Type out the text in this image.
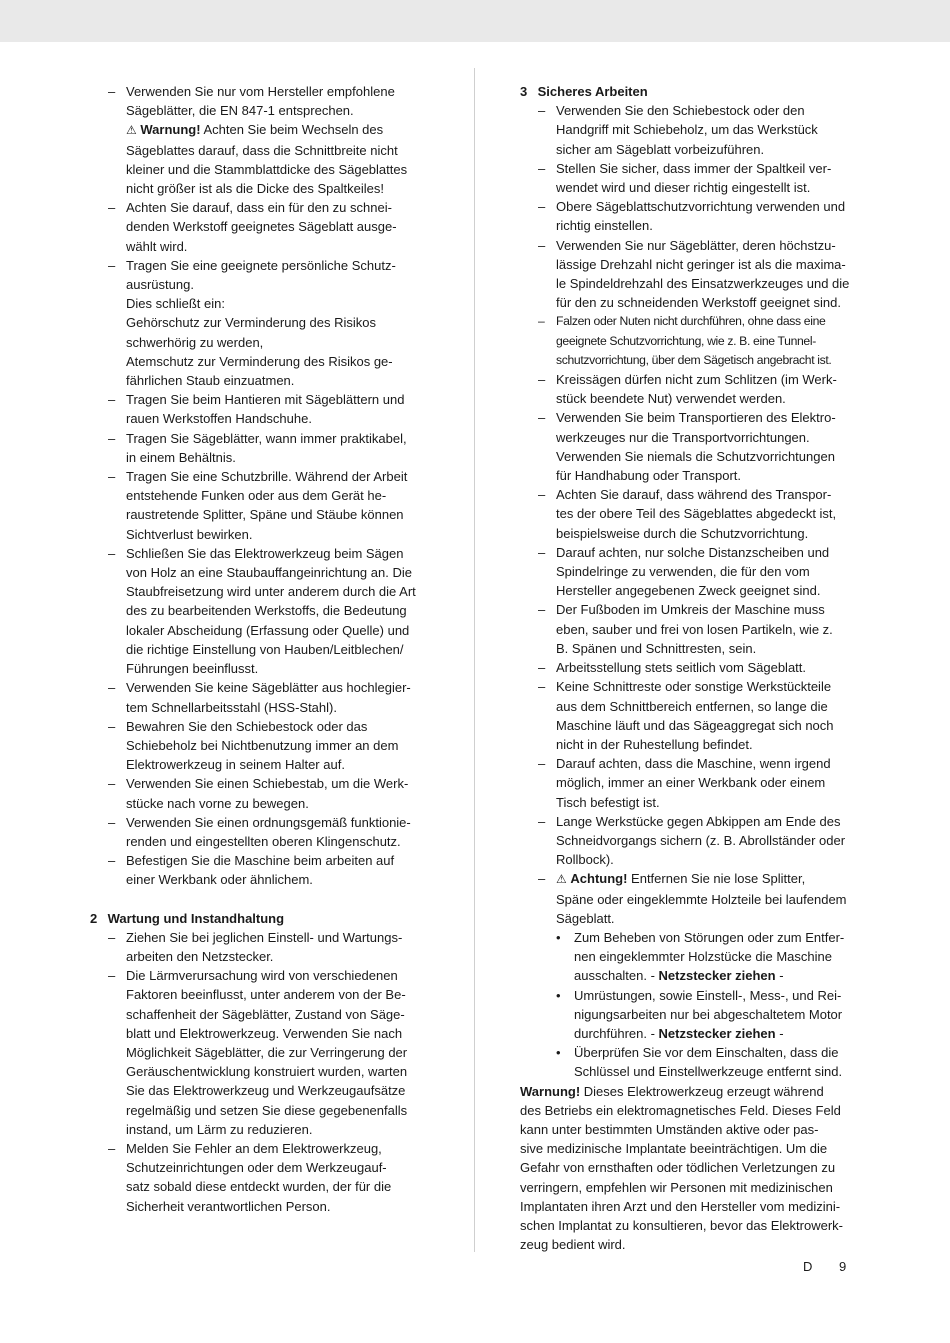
– Verwenden Sie nur vom Hersteller empfohlene
Sägeblätter, die EN 847-1 entsprechen.
⚠ Warnung! Achten Sie beim Wechseln des
Sägeblattes darauf, dass die Schnittbreite nicht
kleiner und die Stammblattdicke des Sägeblattes
nicht größer ist als die Dicke des Spaltkeiles!
– Achten Sie darauf, dass ein für den zu schnei-
denden Werkstoff geeignetes Sägeblatt ausge-
wählt wird.
– Tragen Sie eine geeignete persönliche Schutz-
ausrüstung.
Dies schließt ein:
Gehörschutz zur Verminderung des Risikos
schwerhörig zu werden,
Atemschutz zur Verminderung des Risikos ge-
fährlichen Staub einzuatmen.
– Tragen Sie beim Hantieren mit Sägeblättern und
rauen Werkstoffen Handschuhe.
– Tragen Sie Sägeblätter, wann immer praktikabel,
in einem Behältnis.
– Tragen Sie eine Schutzbrille. Während der Arbeit
entstehende Funken oder aus dem Gerät he-
raustretende Splitter, Späne und Stäube können
Sichtverlust bewirken.
– Schließen Sie das Elektrowerkzeug beim Sägen
von Holz an eine Staubauffangeinrichtung an. Die
Staubfreisetzung wird unter anderem durch die Art
des zu bearbeitenden Werkstoffs, die Bedeutung
lokaler Abscheidung (Erfassung oder Quelle) und
die richtige Einstellung von Hauben/Leitblechen/
Führungen beeinflusst.
– Verwenden Sie keine Sägeblätter aus hochlegier-
tem Schnellarbeitsstahl (HSS-Stahl).
– Bewahren Sie den Schiebestock oder das
Schiebeholz bei Nichtbenutzung immer an dem
Elektrowerkzeug in seinem Halter auf.
– Verwenden Sie einen Schiebestab, um die Werk-
stücke nach vorne zu bewegen.
– Verwenden Sie einen ordnungsgemäß funktionie-
renden und eingestellten oberen Klingenschutz.
– Befestigen Sie die Maschine beim arbeiten auf
einer Werkbank oder ähnlichem.
2 Wartung und Instandhaltung
– Ziehen Sie bei jeglichen Einstell- und Wartungs-
arbeiten den Netzstecker.
– Die Lärmverursachung wird von verschiedenen
Faktoren beeinflusst, unter anderem von der Be-
schaffenheit der Sägeblätter, Zustand von Säge-
blatt und Elektrowerkzeug. Verwenden Sie nach
Möglichkeit Sägeblätter, die zur Verringerung der
Geräuschentwicklung konstruiert wurden, warten
Sie das Elektrowerkzeug und Werkzeugaufsätze
regelmäßig und setzen Sie diese gegebenenfalls
instand, um Lärm zu reduzieren.
– Melden Sie Fehler an dem Elektrowerkzeug,
Schutzeinrichtungen oder dem Werkzeugauf-
satz sobald diese entdeckt wurden, der für die
Sicherheit verantwortlichen Person.
3 Sicheres Arbeiten
– Verwenden Sie den Schiebestock oder den
Handgriff mit Schiebeholz, um das Werkstück
sicher am Sägeblatt vorbeizuführen.
– Stellen Sie sicher, dass immer der Spaltkeil ver-
wendet wird und dieser richtig eingestellt ist.
– Obere Sägeblattschutzvorrichtung verwenden und
richtig einstellen.
– Verwenden Sie nur Sägeblätter, deren höchstzu-
lässige Drehzahl nicht geringer ist als die maxima-
le Spindeldrehzahl des Einsatzwerkzeuges und die
für den zu schneidenden Werkstoff geeignet sind.
– Falzen oder Nuten nicht durchführen, ohne dass eine
geeignete Schutzvorrichtung, wie z. B. eine Tunnel-
schutzvorrichtung, über dem Sägetisch angebracht ist.
– Kreissägen dürfen nicht zum Schlitzen (im Werk-
stück beendete Nut) verwendet werden.
– Verwenden Sie beim Transportieren des Elektro-
werkzeuges nur die Transportvorrichtungen.
Verwenden Sie niemals die Schutzvorrichtungen
für Handhabung oder Transport.
– Achten Sie darauf, dass während des Transpor-
tes der obere Teil des Sägeblattes abgedeckt ist,
beispielsweise durch die Schutzvorrichtung.
– Darauf achten, nur solche Distanzscheiben und
Spindelringe zu verwenden, die für den vom
Hersteller angegebenen Zweck geeignet sind.
– Der Fußboden im Umkreis der Maschine muss
eben, sauber und frei von losen Partikeln, wie z.
B. Spänen und Schnittresten, sein.
– Arbeitsstellung stets seitlich vom Sägeblatt.
– Keine Schnittreste oder sonstige Werkstückteile
aus dem Schnittbereich entfernen, so lange die
Maschine läuft und das Sägeaggregat sich noch
nicht in der Ruhestellung befindet.
– Darauf achten, dass die Maschine, wenn irgend
möglich, immer an einer Werkbank oder einem
Tisch befestigt ist.
– Lange Werkstücke gegen Abkippen am Ende des
Schneidvorgangs sichern (z. B. Abrollständer oder
Rollbock).
– ⚠ Achtung! Entfernen Sie nie lose Splitter,
Späne oder eingeklemmte Holzteile bei laufendem
Sägeblatt.
• Zum Beheben von Störungen oder zum Entfer-
nen eingeklemmter Holzstücke die Maschine
ausschalten. - Netzstecker ziehen -
• Umrüstungen, sowie Einstell-, Mess-, und Rei-
nigungsarbeiten nur bei abgeschaltetem Motor
durchführen. - Netzstecker ziehen -
• Überprüfen Sie vor dem Einschalten, dass die
Schlüssel und Einstellwerkzeuge entfernt sind.
Warnung! Dieses Elektrowerkzeug erzeugt während
des Betriebs ein elektromagnetisches Feld. Dieses Feld
kann unter bestimmten Umständen aktive oder pas-
sive medizinische Implantate beeinträchtigen. Um die
Gefahr von ernsthaften oder tödlichen Verletzungen zu
verringern, empfehlen wir Personen mit medizinischen
Implantaten ihren Arzt und den Hersteller vom medizini-
schen Implantat zu konsultieren, bevor das Elektrowerk-
zeug bedient wird.
D 9
